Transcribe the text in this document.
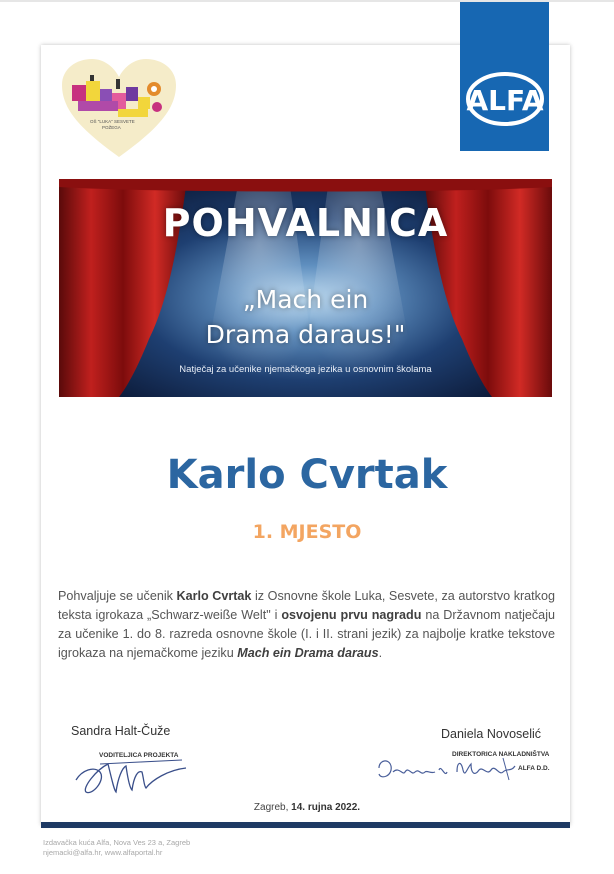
OŠ "LUKA" SESVETE
POŽEGA
ALFA
POHVALNICA
„Mach ein
Drama daraus!"
Natječaj za učenike njemačkoga jezika u osnovnim školama
Karlo Cvrtak
1. MJESTO
Pohvaljuje se učenik Karlo Cvrtak iz Osnovne škole Luka, Sesvete, za autorstvo kratkog teksta igrokaza „Schwarz-weiße Welt" i osvojenu prvu nagradu na Državnom natječaju za učenike 1. do 8. razreda osnovne škole (I. i II. strani jezik) za najbolje kratke tekstove igrokaza na njemačkome jeziku Mach ein Drama daraus.
Sandra Halt-Čuže
VODITELJICA PROJEKTA
Daniela Novoselić
DIREKTORICA NAKLADNIŠTVA
ALFA D.D.
Zagreb, 14. rujna 2022.
Izdavačka kuća Alfa, Nova Ves 23 a, Zagreb
njemacki@alfa.hr, www.alfaportal.hr
